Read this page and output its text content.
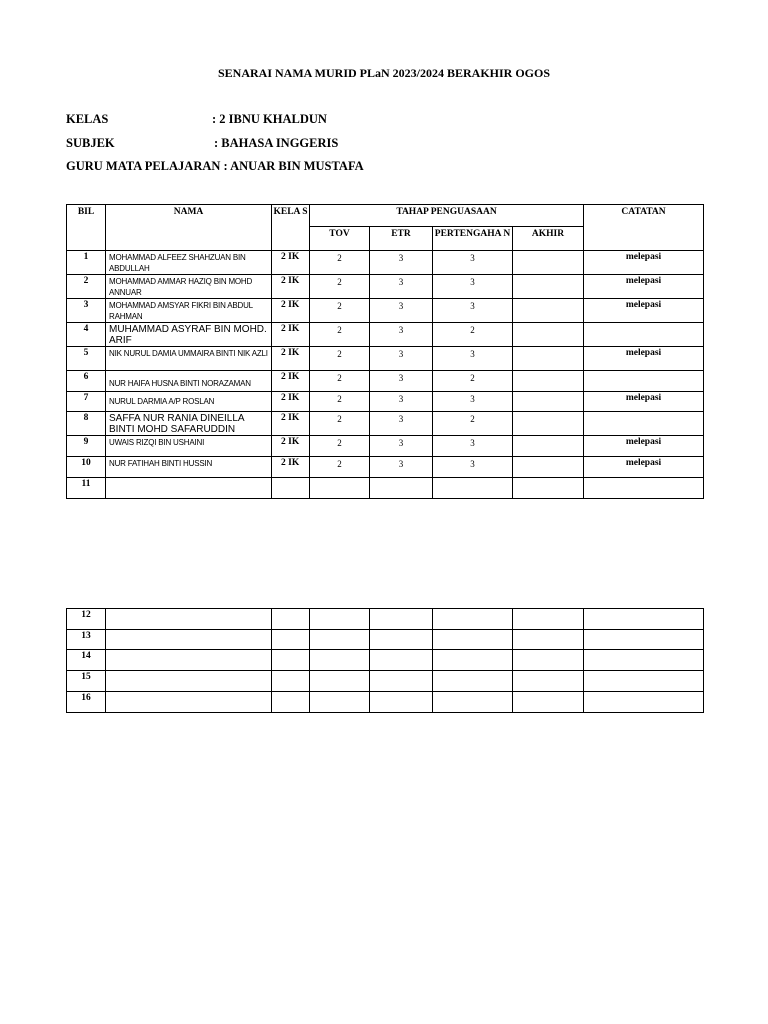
SENARAI NAMA MURID PLaN 2023/2024 BERAKHIR OGOS
KELAS	: 2 IBNU KHALDUN
SUBJEK	: BAHASA INGGERIS
GURU MATA PELAJARAN : ANUAR BIN MUSTAFA
BIL	NAMA	KELA S	TAHAP PENGUASAAN				CATATAN
			TOV	ETR	PERTENGAHA N	AKHIR	
1	MOHAMMAD ALFEEZ SHAHZUAN BIN ABDULLAH	2 IK	2	3	3		melepasi
2	MOHAMMAD AMMAR HAZIQ BIN MOHD ANNUAR	2 IK	2	3	3		melepasi
3	MOHAMMAD AMSYAR FIKRI BIN ABDUL RAHMAN	2 IK	2	3	3		melepasi
4	MUHAMMAD ASYRAF BIN MOHD. ARIF	2 IK	2	3	2		
5	NIK NURUL DAMIA UMMAIRA BINTI NIK AZLI	2 IK	2	3	3		melepasi
6	NUR HAIFA HUSNA BINTI NORAZAMAN	2 IK	2	3	2		
7	NURUL DARMIA A/P ROSLAN	2 IK	2	3	3		melepasi
8	SAFFA NUR RANIA DINEILLA BINTI MOHD SAFARUDDIN	2 IK	2	3	2		
9	UWAIS RIZQI BIN USHAINI	2 IK	2	3	3		melepasi
10	NUR FATIHAH BINTI HUSSIN	2 IK	2	3	3		melepasi
11							
12							
13							
14							
15							
16							
